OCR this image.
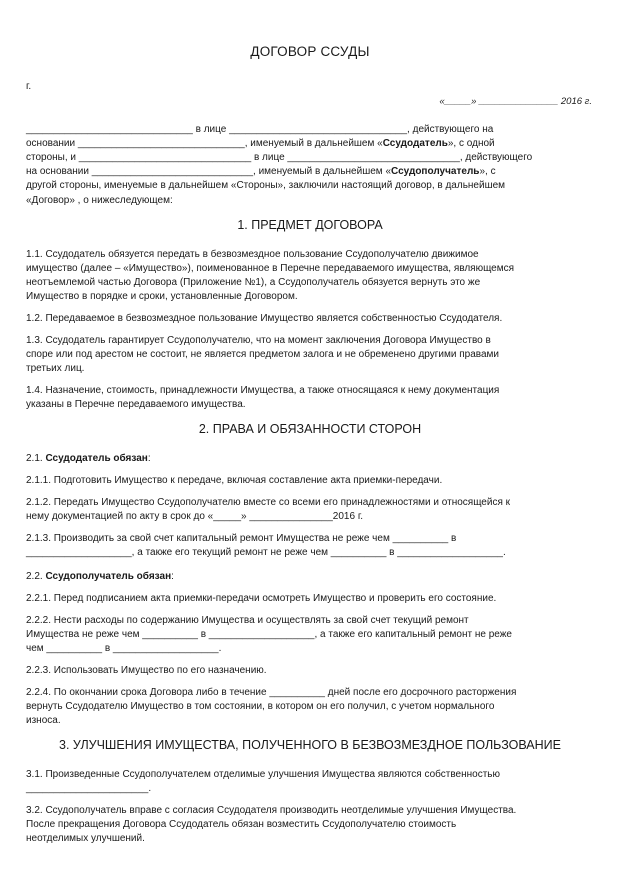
ДОГОВОР ССУДЫ
г.
«_____» _______________ 2016 г.
______________________________ в лице ________________________________, действующего на
основании ______________________________, именуемый в дальнейшем «Ссудодатель», с одной
стороны, и _______________________________ в лице _______________________________, действующего
на основании _____________________________, именуемый в дальнейшем «Ссудополучатель», с
другой стороны, именуемые в дальнейшем «Стороны», заключили настоящий договор, в дальнейшем
«Договор» , о нижеследующем:
1. ПРЕДМЕТ ДОГОВОРА
1.1. Ссудодатель обязуется передать в безвозмездное пользование Ссудополучателю движимое
имущество (далее – «Имущество»), поименованное в Перечне передаваемого имущества, являющемся
неотъемлемой частью Договора (Приложение №1), а Ссудополучатель обязуется вернуть это же
Имущество в порядке и сроки, установленные Договором.
1.2. Передаваемое в безвозмездное пользование Имущество является собственностью Ссудодателя.
1.3. Ссудодатель гарантирует Ссудополучателю, что на момент заключения Договора Имущество в
споре или под арестом не состоит, не является предметом залога и не обременено другими правами
третьих лиц.
1.4. Назначение, стоимость, принадлежности Имущества, а также относящаяся к нему документация
указаны в Перечне передаваемого имущества.
2. ПРАВА И ОБЯЗАННОСТИ СТОРОН
2.1. Ссудодатель обязан:
2.1.1. Подготовить Имущество к передаче, включая составление акта приемки-передачи.
2.1.2. Передать Имущество Ссудополучателю вместе со всеми его принадлежностями и относящейся к
нему документацией по акту в срок до «_____» _______________2016 г.
2.1.3. Производить за свой счет капитальный ремонт Имущества не реже чем __________ в
___________________, а также его текущий ремонт не реже чем __________ в ___________________.
2.2. Ссудополучатель обязан:
2.2.1. Перед подписанием акта приемки-передачи осмотреть Имущество и проверить его состояние.
2.2.2. Нести расходы по содержанию Имущества и осуществлять за свой счет текущий ремонт
Имущества не реже чем __________ в ___________________, а также его капитальный ремонт не реже
чем __________ в ___________________.
2.2.3. Использовать Имущество по его назначению.
2.2.4. По окончании срока Договора либо в течение __________ дней после его досрочного расторжения
вернуть Ссудодателю Имущество в том состоянии, в котором он его получил, с учетом нормального
износа.
3. УЛУЧШЕНИЯ ИМУЩЕСТВА, ПОЛУЧЕННОГО В БЕЗВОЗМЕЗДНОЕ ПОЛЬЗОВАНИЕ
3.1. Произведенные Ссудополучателем отделимые улучшения Имущества являются собственностью
______________________.
3.2. Ссудополучатель вправе с согласия Ссудодателя производить неотделимые улучшения Имущества.
После прекращения Договора Ссудодатель обязан возместить Ссудополучателю стоимость
неотделимых улучшений.
